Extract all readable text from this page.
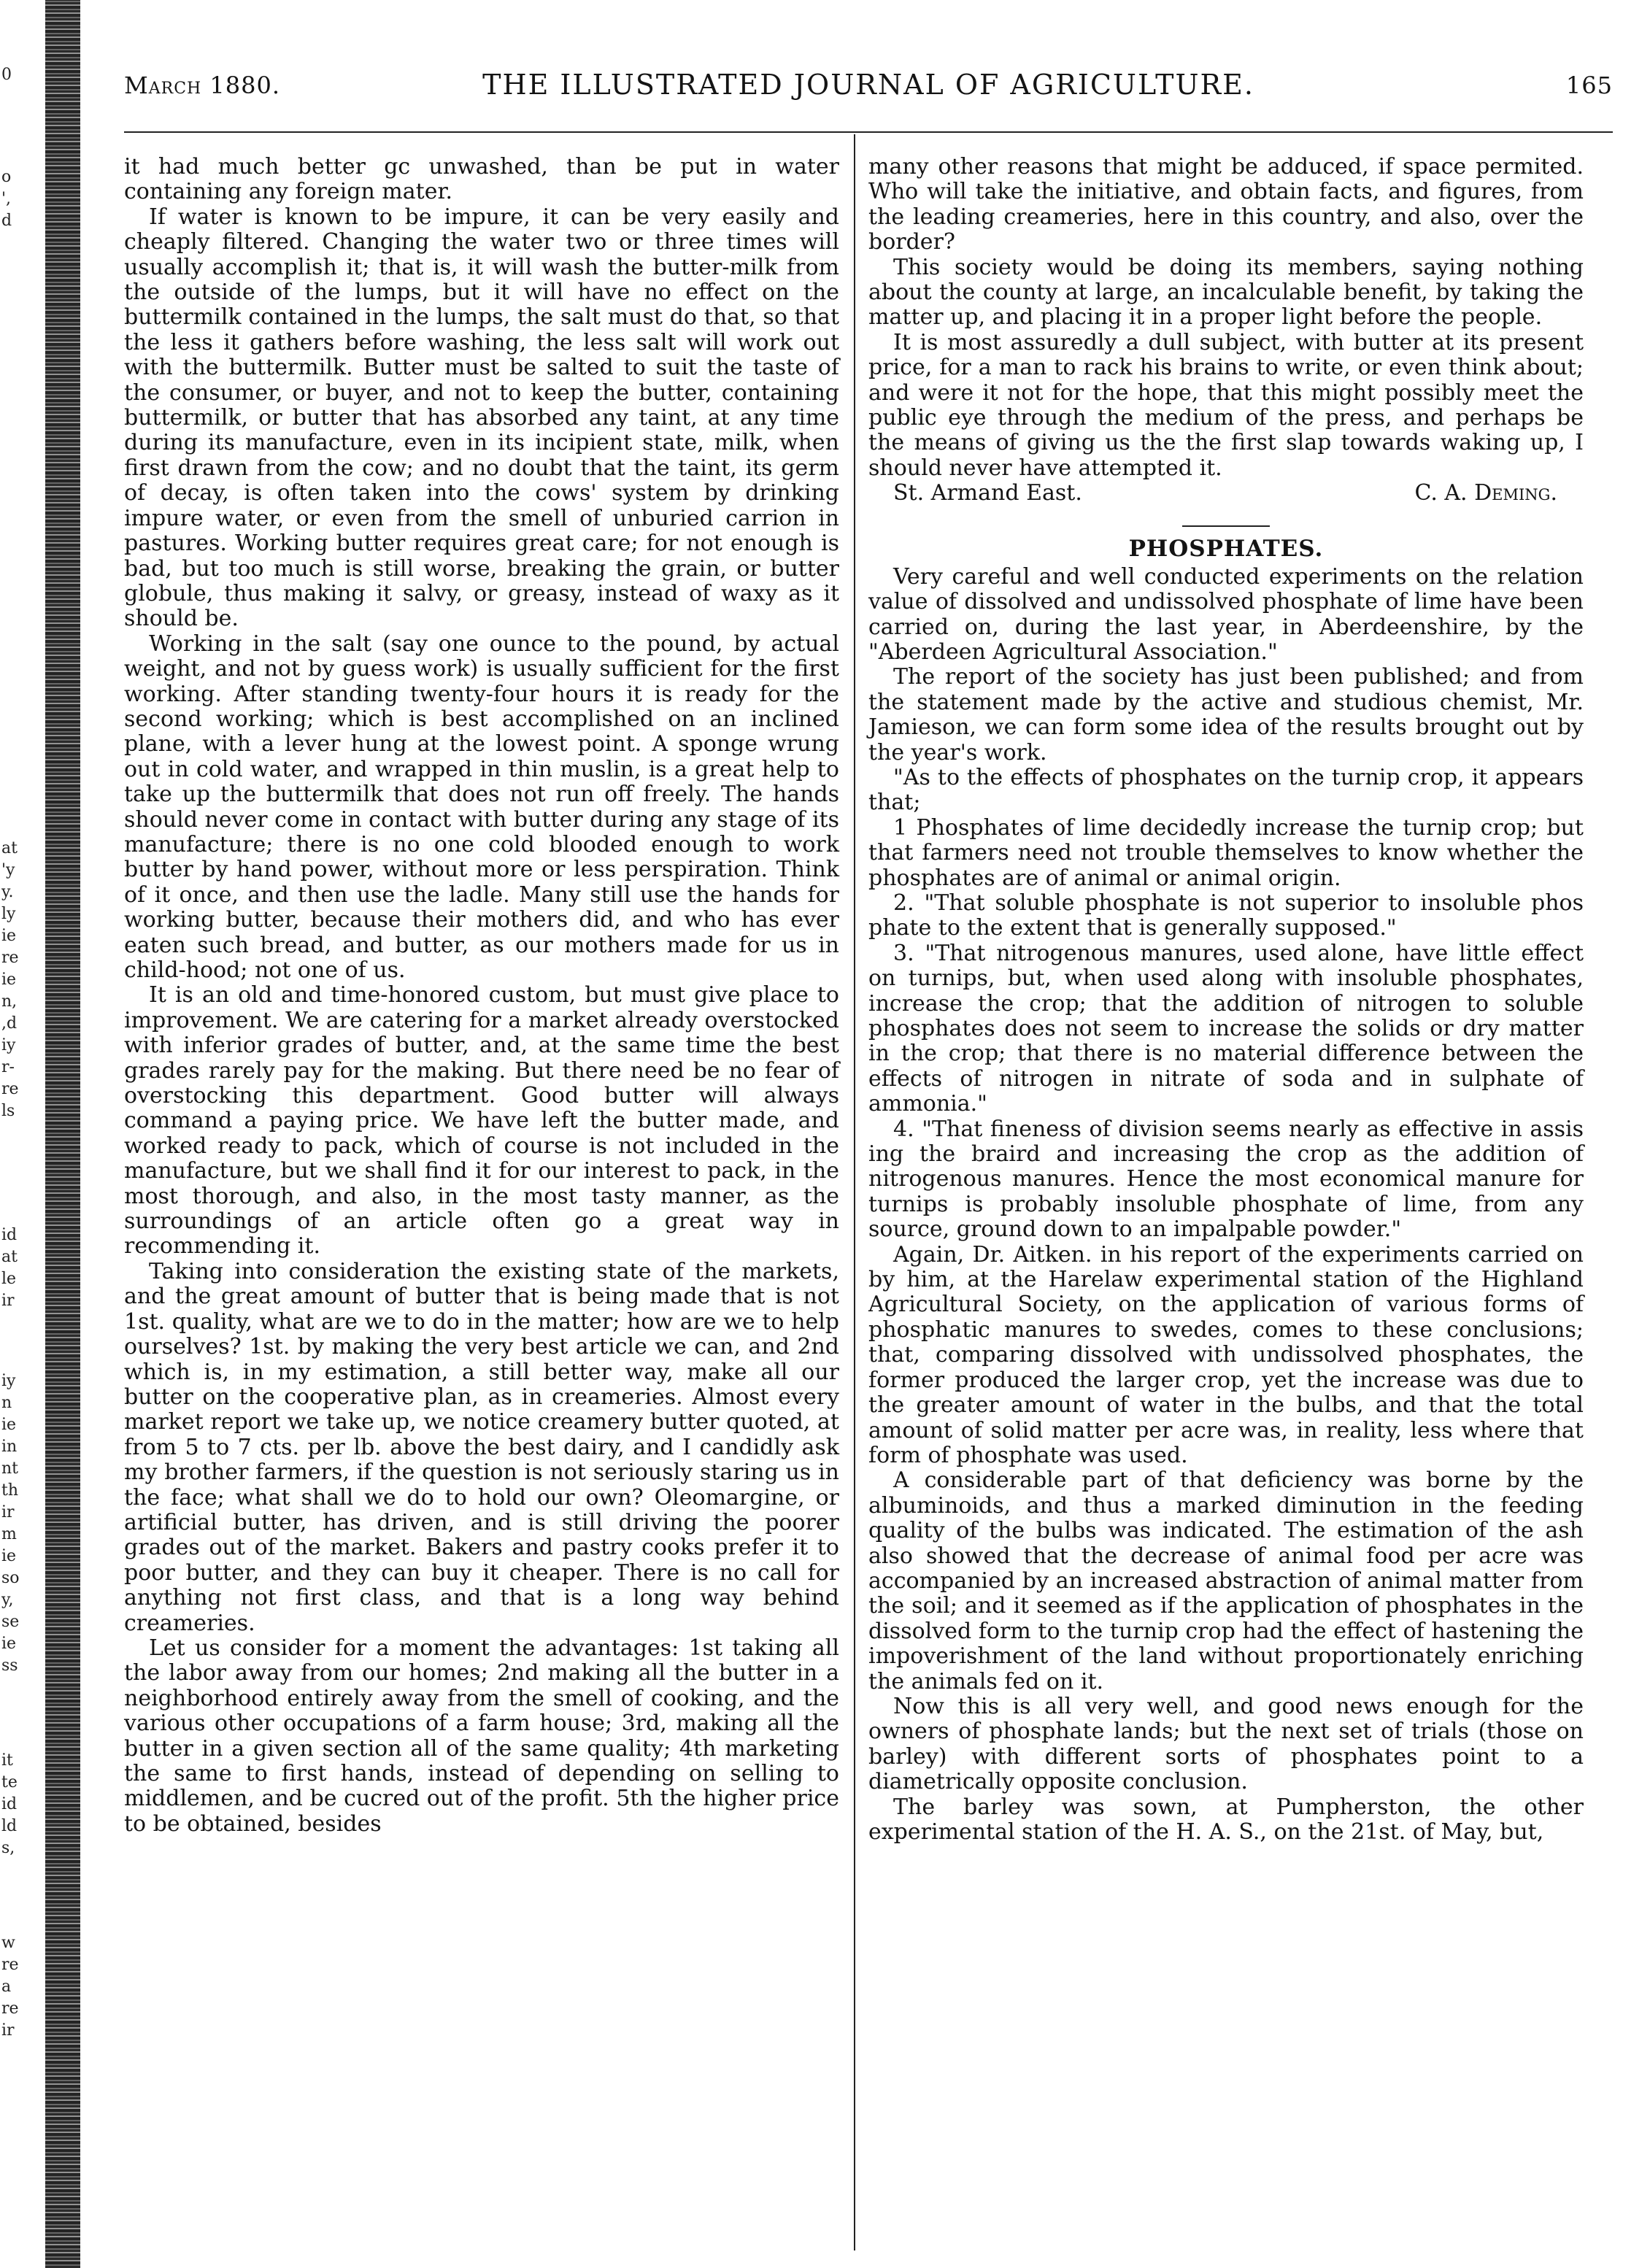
0
o
',
d
at
'y
y.
ly
ie
re
ie
n,
,d
iy
r-
re
ls
id
at
le
ir
iy
n
ie
in
nt
th
ir
m
ie
so
y,
se
ie
ss
it
te
id
ld
s,
w
re
a
re
ir
March 1880.	THE ILLUSTRATED JOURNAL OF AGRICULTURE.	165

it had much better gc unwashed, than be put in water containing any foreign mater.

If water is known to be impure, it can be very easily and cheaply filtered. Changing the water two or three times will usually accomplish it; that is, it will wash the butter-milk from the outside of the lumps, but it will have no effect on the buttermilk contained in the lumps, the salt must do that, so that the less it gathers before washing, the less salt will work out with the buttermilk. Butter must be salted to suit the taste of the consumer, or buyer, and not to keep the butter, containing buttermilk, or butter that has absorbed any taint, at any time during its manufacture, even in its incipient state, milk, when first drawn from the cow; and no doubt that the taint, its germ of decay, is often taken into the cows' system by drinking impure water, or even from the smell of unburied carrion in pastures. Working butter requires great care; for not enough is bad, but too much is still worse, breaking the grain, or butter globule, thus making it salvy, or greasy, instead of waxy as it should be.

Working in the salt (say one ounce to the pound, by actual weight, and not by guess work) is usually sufficient for the first working. After standing twenty-four hours it is ready for the second working; which is best accomplished on an inclined plane, with a lever hung at the lowest point. A sponge wrung out in cold water, and wrapped in thin muslin, is a great help to take up the buttermilk that does not run off freely. The hands should never come in contact with butter during any stage of its manufacture; there is no one cold blooded enough to work butter by hand power, without more or less perspiration. Think of it once, and then use the ladle. Many still use the hands for working butter, because their mothers did, and who has ever eaten such bread, and butter, as our mothers made for us in child-hood; not one of us.

It is an old and time-honored custom, but must give place to improvement. We are catering for a market already overstocked with inferior grades of butter, and, at the same time the best grades rarely pay for the making. But there need be no fear of overstocking this department. Good butter will always command a paying price. We have left the butter made, and worked ready to pack, which of course is not included in the manufacture, but we shall find it for our interest to pack, in the most thorough, and also, in the most tasty manner, as the surroundings of an article often go a great way in recommending it.

Taking into consideration the existing state of the markets, and the great amount of butter that is being made that is not 1st. quality, what are we to do in the matter; how are we to help ourselves? 1st. by making the very best article we can, and 2nd which is, in my estimation, a still better way, make all our butter on the cooperative plan, as in creameries. Almost every market report we take up, we notice creamery butter quoted, at from 5 to 7 cts. per lb. above the best dairy, and I candidly ask my brother farmers, if the question is not seriously staring us in the face; what shall we do to hold our own? Oleomargine, or artificial butter, has driven, and is still driving the poorer grades out of the market. Bakers and pastry cooks prefer it to poor butter, and they can buy it cheaper. There is no call for anything not first class, and that is a long way behind creameries.

Let us consider for a moment the advantages: 1st taking all the labor away from our homes; 2nd making all the butter in a neighborhood entirely away from the smell of cooking, and the various other occupations of a farm house; 3rd, making all the butter in a given section all of the same quality; 4th marketing the same to first hands, instead of depending on selling to middlemen, and be cucred out of the profit. 5th the higher price to be obtained, besides

many other reasons that might be adduced, if space permited. Who will take the initiative, and obtain facts, and figures, from the leading creameries, here in this country, and also, over the border?

This society would be doing its members, saying nothing about the county at large, an incalculable benefit, by taking the matter up, and placing it in a proper light before the people.

It is most assuredly a dull subject, with butter at its present price, for a man to rack his brains to write, or even think about; and were it not for the hope, that this might possibly meet the public eye through the medium of the press, and perhaps be the means of giving us the the first slap towards waking up, I should never have attempted it.

St. Armand East.	C. A. Deming.
PHOSPHATES.

Very careful and well conducted experiments on the relation value of dissolved and undissolved phosphate of lime have been carried on, during the last year, in Aberdeenshire, by the "Aberdeen Agricultural Association."

The report of the society has just been published; and from the statement made by the active and studious chemist, Mr. Jamieson, we can form some idea of the results brought out by the year's work.

"As to the effects of phosphates on the turnip crop, it appears that;

1 Phosphates of lime decidedly increase the turnip crop; but that farmers need not trouble themselves to know whether the phosphates are of animal or animal origin.

2. "That soluble phosphate is not superior to insoluble phos phate to the extent that is generally supposed."

3. "That nitrogenous manures, used alone, have little effect on turnips, but, when used along with insoluble phosphates, increase the crop; that the addition of nitrogen to soluble phosphates does not seem to increase the solids or dry matter in the crop; that there is no material difference between the effects of nitrogen in nitrate of soda and in sulphate of ammonia."

4. "That fineness of division seems nearly as effective in assis ing the braird and increasing the crop as the addition of nitrogenous manures. Hence the most economical manure for turnips is probably insoluble phosphate of lime, from any source, ground down to an impalpable powder."

Again, Dr. Aitken. in his report of the experiments carried on by him, at the Harelaw experimental station of the Highland Agricultural Society, on the application of various forms of phosphatic manures to swedes, comes to these conclusions; that, comparing dissolved with undissolved phosphates, the former produced the larger crop, yet the increase was due to the greater amount of water in the bulbs, and that the total amount of solid matter per acre was, in reality, less where that form of phosphate was used.

A considerable part of that deficiency was borne by the albuminoids, and thus a marked diminution in the feeding quality of the bulbs was indicated. The estimation of the ash also showed that the decrease of animal food per acre was accompanied by an increased abstraction of animal matter from the soil; and it seemed as if the application of phosphates in the dissolved form to the turnip crop had the effect of hastening the impoverishment of the land without proportionately enriching the animals fed on it.

Now this is all very well, and good news enough for the owners of phosphate lands; but the next set of trials (those on barley) with different sorts of phosphates point to a diametrically opposite conclusion.

The barley was sown, at Pumpherston, the other experimental station of the H. A. S., on the 21st. of May, but,
